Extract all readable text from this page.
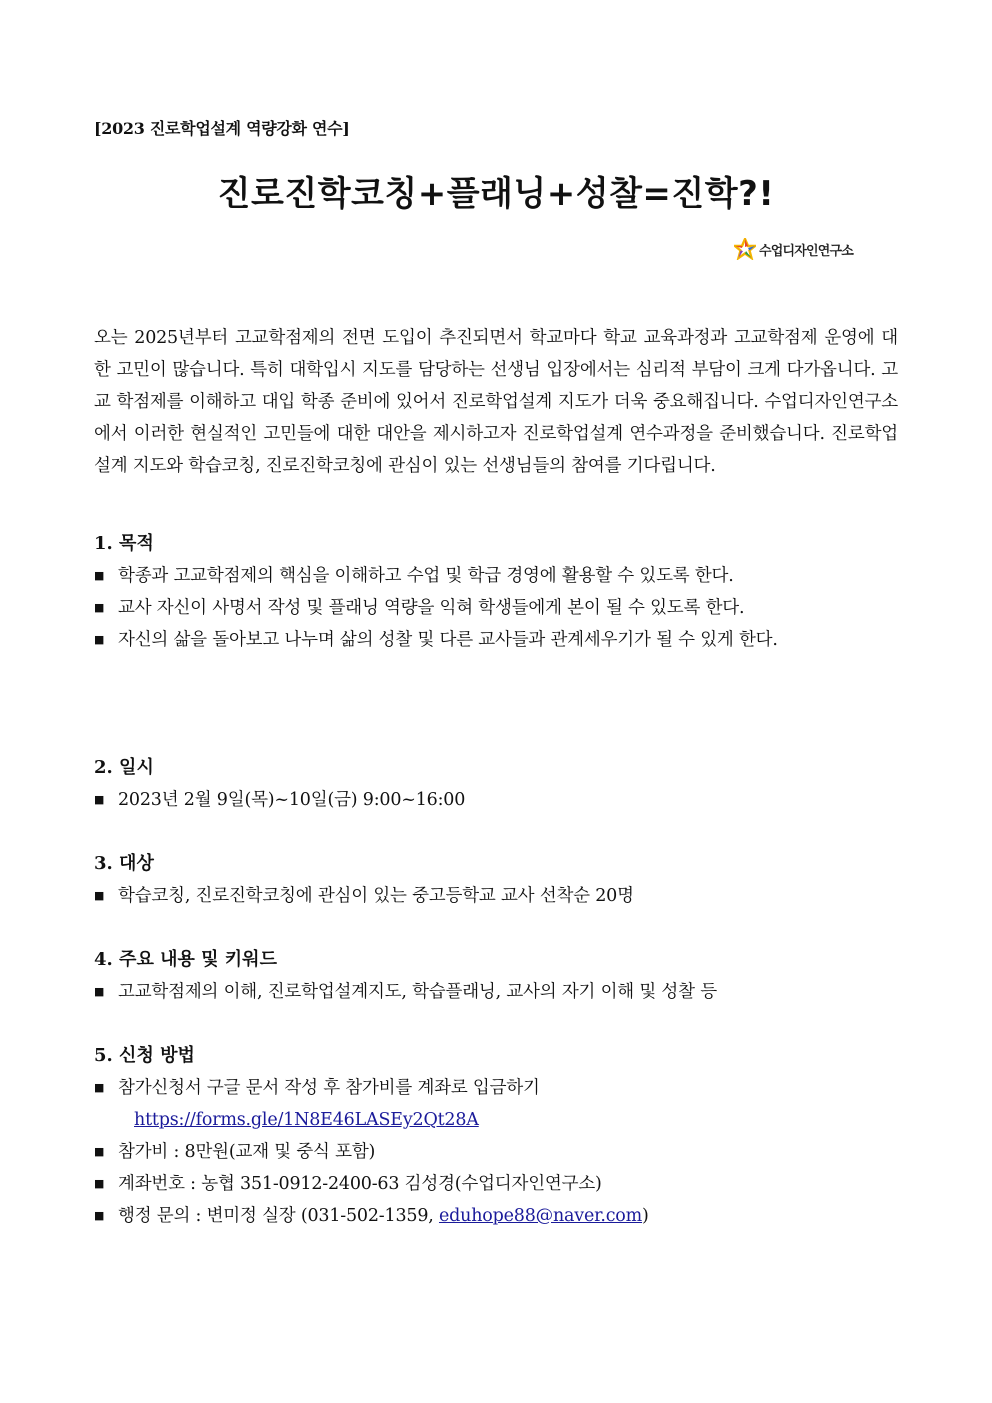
[2023 진로학업설계 역량강화 연수]
진로진학코칭+플래닝+성찰=진학?!
수업디자인연구소

오는 2025년부터 고교학점제의 전면 도입이 추진되면서 학교마다 학교 교육과정과 고교학점제 운영에 대한 고민이 많습니다. 특히 대학입시 지도를 담당하는 선생님 입장에서는 심리적 부담이 크게 다가옵니다. 고교 학점제를 이해하고 대입 학종 준비에 있어서 진로학업설계 지도가 더욱 중요해집니다. 수업디자인연구소에서 이러한 현실적인 고민들에 대한 대안을 제시하고자 진로학업설계 연수과정을 준비했습니다. 진로학업설계 지도와 학습코칭, 진로진학코칭에 관심이 있는 선생님들의 참여를 기다립니다.

1. 목적

■ 학종과 고교학점제의 핵심을 이해하고 수업 및 학급 경영에 활용할 수 있도록 한다.

■ 교사 자신이 사명서 작성 및 플래닝 역량을 익혀 학생들에게 본이 될 수 있도록 한다.

■ 자신의 삶을 돌아보고 나누며 삶의 성찰 및 다른 교사들과 관계세우기가 될 수 있게 한다.

2. 일시

■ 2023년 2월 9일(목)~10일(금) 9:00~16:00

3. 대상

■ 학습코칭, 진로진학코칭에 관심이 있는 중고등학교 교사 선착순 20명

4. 주요 내용 및 키워드

■ 고교학점제의 이해, 진로학업설계지도, 학습플래닝, 교사의 자기 이해 및 성찰 등

5. 신청 방법

■ 참가신청서 구글 문서 작성 후 참가비를 계좌로 입금하기

https://forms.gle/1N8E46LASEy2Qt28A

■ 참가비 : 8만원(교재 및 중식 포함)

■ 계좌번호 : 농협 351-0912-2400-63 김성경(수업디자인연구소)

■ 행정 문의 : 변미정 실장 (031-502-1359, eduhope88@naver.com)
